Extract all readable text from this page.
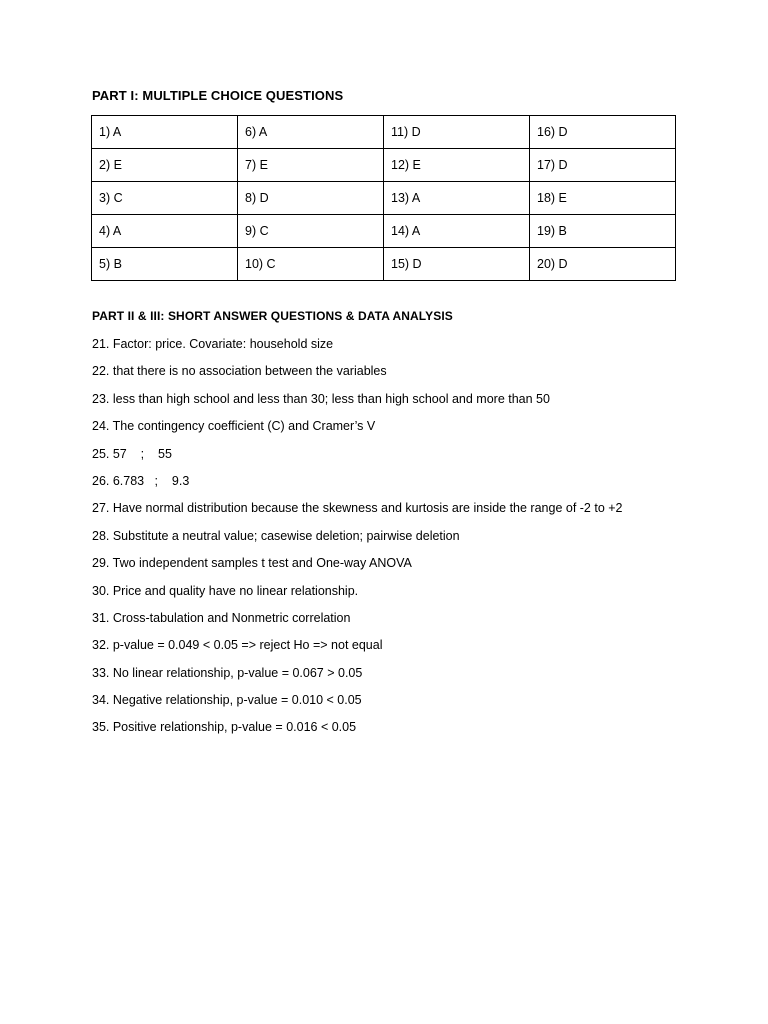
PART I: MULTIPLE CHOICE QUESTIONS
1) A	6) A	11) D	16) D
2) E	7) E	12) E	17) D
3) C	8) D	13) A	18) E
4) A	9) C	14) A	19) B
5) B	10) C	15) D	20) D
PART II & III: SHORT ANSWER QUESTIONS & DATA ANALYSIS
21. Factor: price. Covariate: household size
22. that there is no association between the variables
23. less than high school and less than 30; less than high school and more than 50
24. The contingency coefficient (C) and Cramer’s V
25. 57    ;    55
26. 6.783   ;    9.3
27. Have normal distribution because the skewness and kurtosis are inside the range of -2 to +2
28. Substitute a neutral value; casewise deletion; pairwise deletion
29. Two independent samples t test and One-way ANOVA
30. Price and quality have no linear relationship.
31. Cross-tabulation and Nonmetric correlation
32. p-value = 0.049 < 0.05 => reject Ho => not equal
33. No linear relationship, p-value = 0.067 > 0.05
34. Negative relationship, p-value = 0.010 < 0.05
35. Positive relationship, p-value = 0.016 < 0.05
